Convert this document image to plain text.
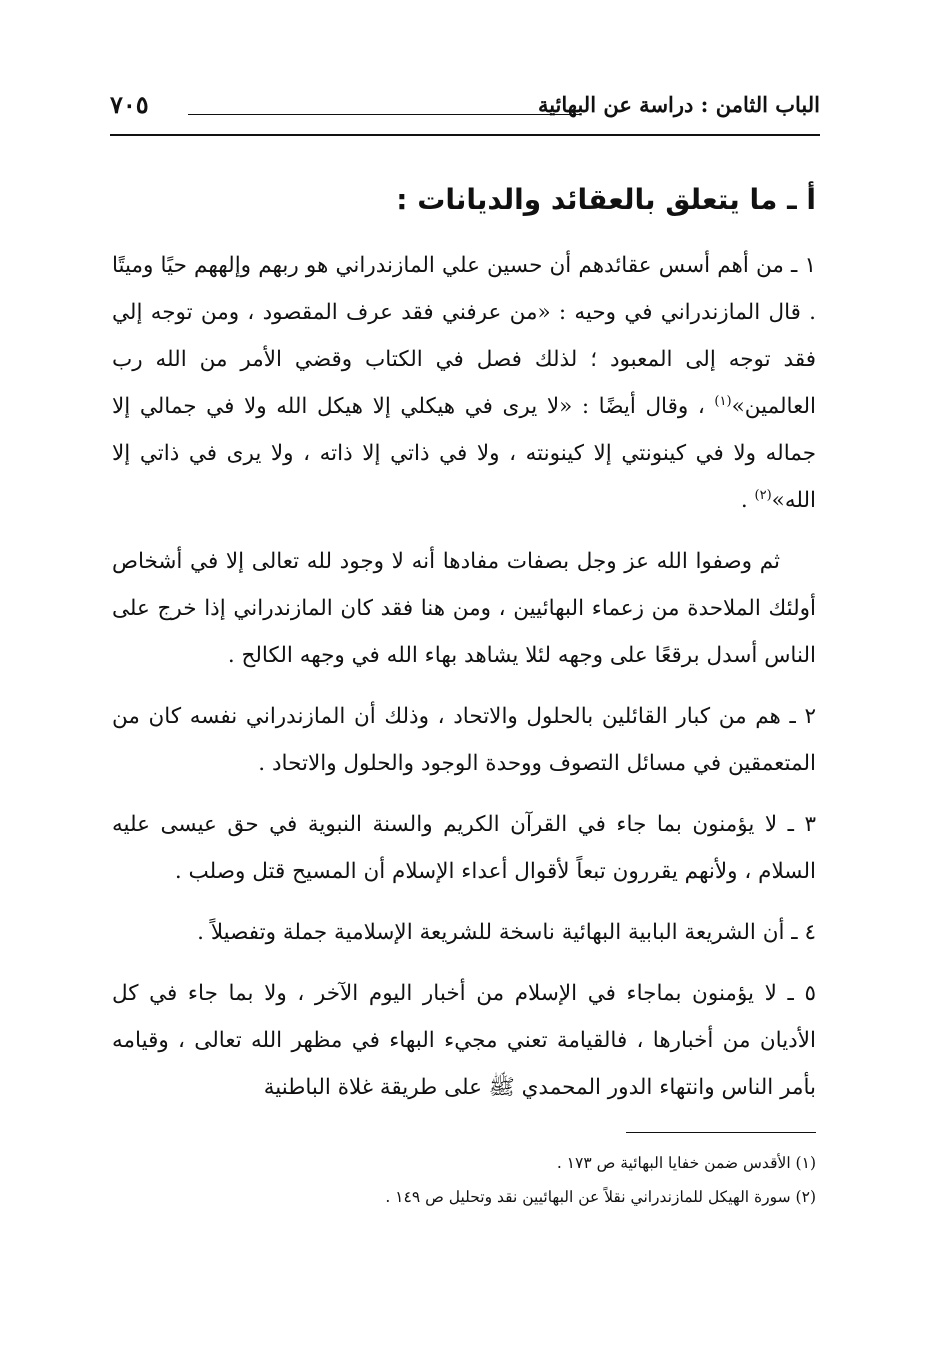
الباب الثامن : دراسة عن البهائية
٧٠٥
أ ـ ما يتعلق بالعقائد والديانات :

١ ـ من أهم أسس عقائدهم أن حسين علي المازندراني هو ربهم وإلههم حيًا وميتًا . قال المازندراني في وحيه : «من عرفني فقد عرف المقصود ، ومن توجه إلي فقد توجه إلى المعبود ؛ لذلك فصل في الكتاب وقضي الأمر من الله رب العالمين»$^{(١)}$ ، وقال أيضًا : «لا يرى في هيكلي إلا هيكل الله ولا في جمالي إلا جماله ولا في كينونتي إلا كينونته ، ولا في ذاتي إلا ذاته ، ولا يرى في ذاتي إلا الله»$^{(٢)}$ .

ثم وصفوا الله عز وجل بصفات مفادها أنه لا وجود لله تعالى إلا في أشخاص أولئك الملاحدة من زعماء البهائيين ، ومن هنا فقد كان المازندراني إذا خرج على الناس أسدل برقعًا على وجهه لئلا يشاهد بهاء الله في وجهه الكالح .

٢ ـ هم من كبار القائلين بالحلول والاتحاد ، وذلك أن المازندراني نفسه كان من المتعمقين في مسائل التصوف ووحدة الوجود والحلول والاتحاد .

٣ ـ لا يؤمنون بما جاء في القرآن الكريم والسنة النبوية في حق عيسى عليه السلام ، ولأنهم يقررون تبعاً لأقوال أعداء الإسلام أن المسيح قتل وصلب .

٤ ـ أن الشريعة البابية البهائية ناسخة للشريعة الإسلامية جملة وتفصيلاً .

٥ ـ لا يؤمنون بماجاء في الإسلام من أخبار اليوم الآخر ، ولا بما جاء في كل الأديان من أخبارها ، فالقيامة تعني مجيء البهاء في مظهر الله تعالى ، وقيامه بأمر الناس وانتهاء الدور المحمدي ﷺ على طريقة غلاة الباطنية

(١) الأقدس ضمن خفايا البهائية ص ١٧٣ .

(٢) سورة الهيكل للمازندراني نقلاً عن البهائيين نقد وتحليل ص ١٤٩ .
